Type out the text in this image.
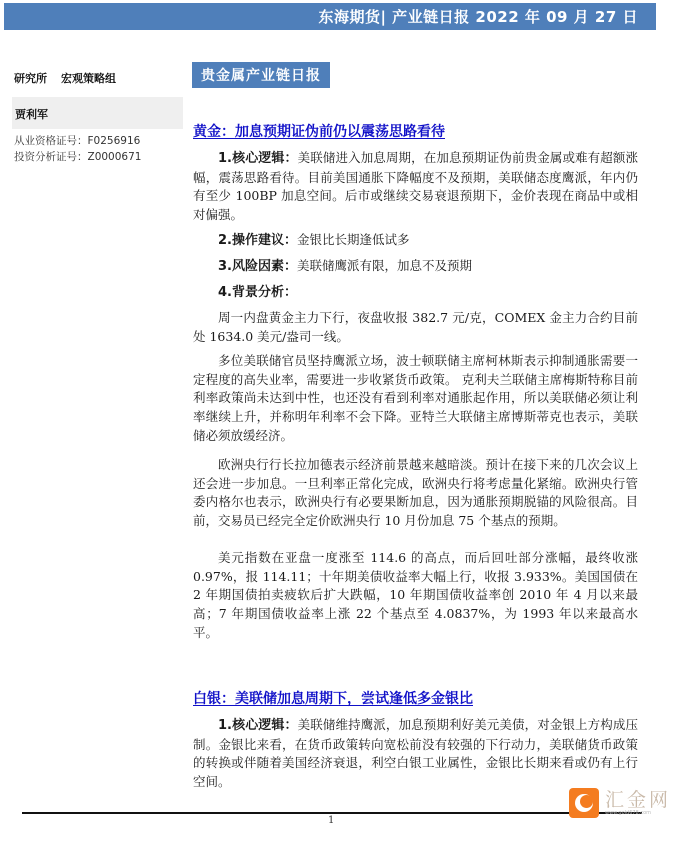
东海期货| 产业链日报 2022 年 09 月 27 日
研究所 宏观策略组
贾利军
从业资格证号：F0256916
投资分析证号：Z0000671
贵金属产业链日报
黄金：加息预期证伪前仍以震荡思路看待
1.核心逻辑：美联储进入加息周期，在加息预期证伪前贵金属或难有超额涨幅，震荡思路看待。目前美国通胀下降幅度不及预期，美联储态度鹰派，年内仍有至少 100BP 加息空间。后市或继续交易衰退预期下，金价表现在商品中或相对偏强。
2.操作建议：金银比长期逢低试多
3.风险因素：美联储鹰派有限，加息不及预期
4.背景分析：
周一内盘黄金主力下行，夜盘收报 382.7 元/克，COMEX 金主力合约目前处 1634.0 美元/盎司一线。
多位美联储官员坚持鹰派立场，波士顿联储主席柯林斯表示抑制通胀需要一定程度的高失业率，需要进一步收紧货币政策。 克利夫兰联储主席梅斯特称目前利率政策尚未达到中性，也还没有看到利率对通胀起作用，所以美联储必须让利率继续上升，并称明年利率不会下降。亚特兰大联储主席博斯蒂克也表示，美联储必须放缓经济。
欧洲央行行长拉加德表示经济前景越来越暗淡。预计在接下来的几次会议上还会进一步加息。一旦利率正常化完成，欧洲央行将考虑量化紧缩。欧洲央行管委内格尔也表示，欧洲央行有必要果断加息，因为通胀预期脱锚的风险很高。目前，交易员已经完全定价欧洲央行 10 月份加息 75 个基点的预期。
美元指数在亚盘一度涨至 114.6 的高点，而后回吐部分涨幅，最终收涨 0.97%，报 114.11；十年期美债收益率大幅上行，收报 3.933%。美国国债在 2 年期国债拍卖疲软后扩大跌幅，10 年期国债收益率创 2010 年 4 月以来最高；7 年期国债收益率上涨 22 个基点至 4.0837%，为 1993 年以来最高水平。
白银：美联储加息周期下，尝试逢低多金银比
1.核心逻辑：美联储维持鹰派，加息预期利好美元美债，对金银上方构成压制。金银比来看，在货币政策转向宽松前没有较强的下行动力，美联储货币政策的转换或伴随着美国经济衰退，利空白银工业属性，金银比长期来看或仍有上行空间。
1
汇金网
www.gold678.com
